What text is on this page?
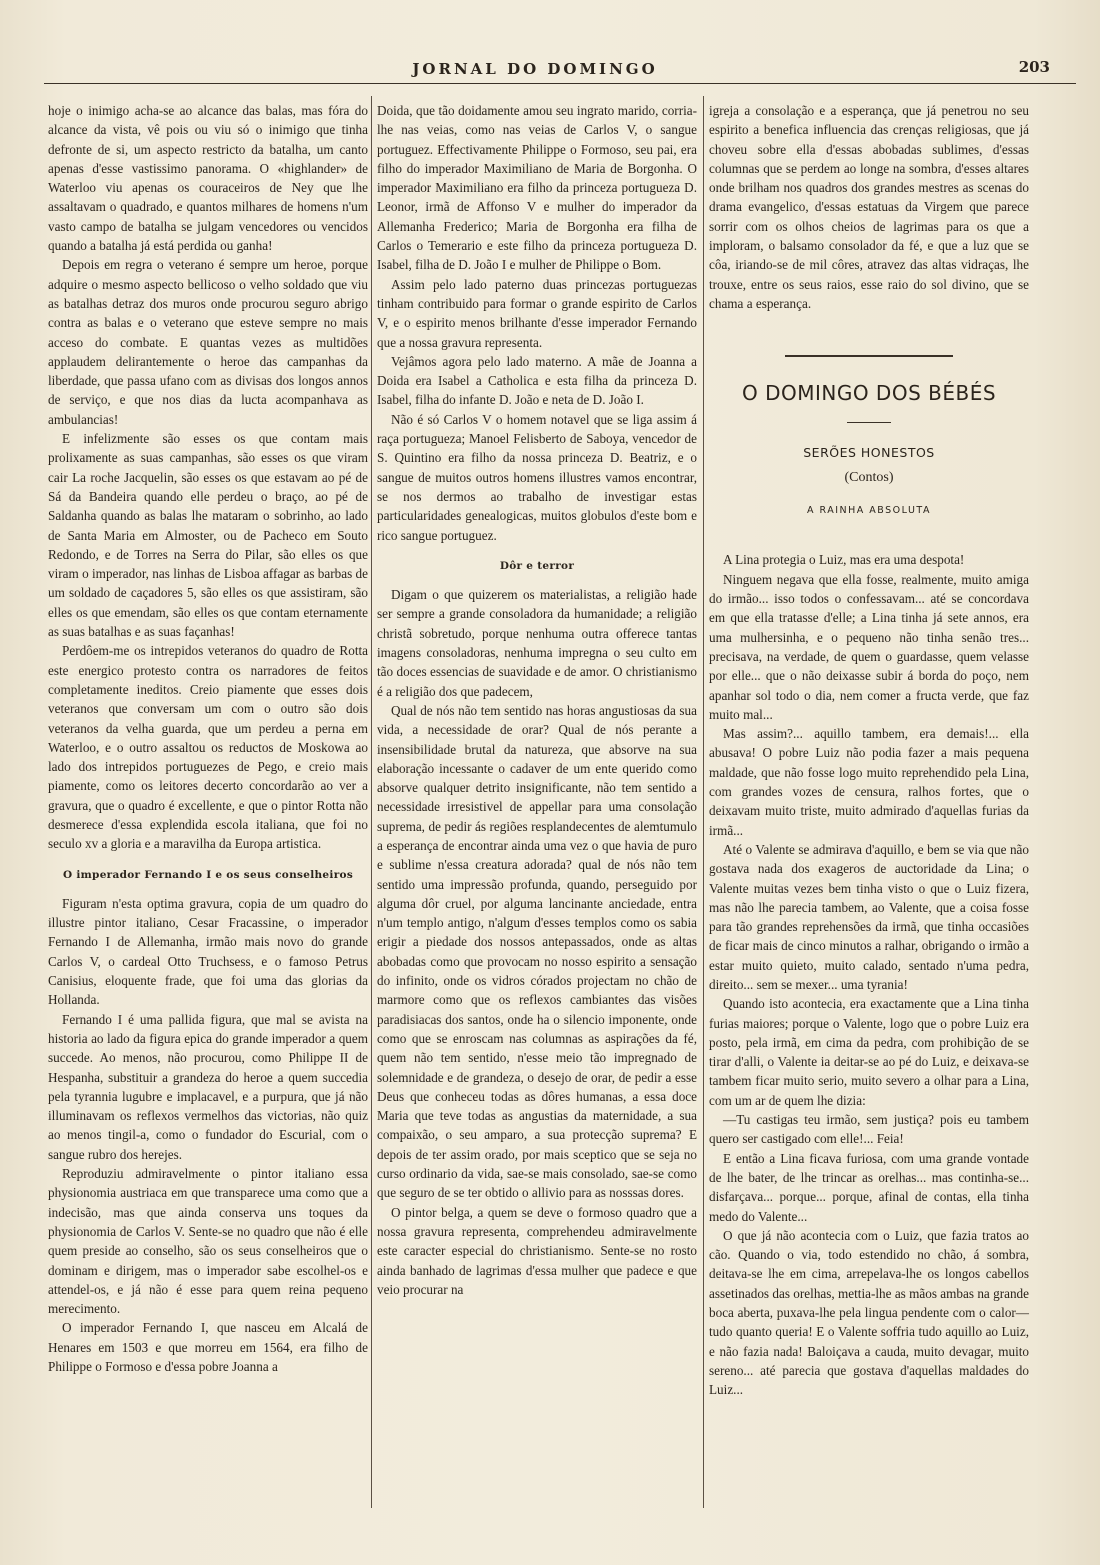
JORNAL DO DOMINGO	203

hoje o inimigo acha-se ao alcance das balas, mas fóra do alcance da vista, vê pois ou viu só o inimigo que tinha defronte de si, um aspecto restricto da batalha, um canto apenas d'esse vastissimo panorama. O «highlander» de Waterloo viu apenas os couraceiros de Ney que lhe assaltavam o quadrado, e quantos milhares de homens n'um vasto campo de batalha se julgam vencedores ou vencidos quando a batalha já está perdida ou ganha!

Depois em regra o veterano é sempre um heroe, porque adquire o mesmo aspecto bellicoso o velho soldado que viu as batalhas detraz dos muros onde procurou seguro abrigo contra as balas e o veterano que esteve sempre no mais acceso do combate. E quantas vezes as multidões applaudem delirantemente o heroe das campanhas da liberdade, que passa ufano com as divisas dos longos annos de serviço, e que nos dias da lucta acompanhava as ambulancias!

E infelizmente são esses os que contam mais prolixamente as suas campanhas, são esses os que viram cair La roche Jacquelin, são esses os que estavam ao pé de Sá da Bandeira quando elle perdeu o braço, ao pé de Saldanha quando as balas lhe mataram o sobrinho, ao lado de Santa Maria em Almoster, ou de Pacheco em Souto Redondo, e de Torres na Serra do Pilar, são elles os que viram o imperador, nas linhas de Lisboa affagar as barbas de um soldado de caçadores 5, são elles os que assistiram, são elles os que emendam, são elles os que contam eternamente as suas batalhas e as suas façanhas!

Perdôem-me os intrepidos veteranos do quadro de Rotta este energico protesto contra os narradores de feitos completamente ineditos. Creio piamente que esses dois veteranos que conversam um com o outro são dois veteranos da velha guarda, que um perdeu a perna em Waterloo, e o outro assaltou os reductos de Moskowa ao lado dos intrepidos portuguezes de Pego, e creio mais piamente, como os leitores decerto concordarão ao ver a gravura, que o quadro é excellente, e que o pintor Rotta não desmerece d'essa explendida escola italiana, que foi no seculo xv a gloria e a maravilha da Europa artistica.

O imperador Fernando I e os seus conselheiros

Figuram n'esta optima gravura, copia de um quadro do illustre pintor italiano, Cesar Fracassine, o imperador Fernando I de Allemanha, irmão mais novo do grande Carlos V, o cardeal Otto Truchsess, e o famoso Petrus Canisius, eloquente frade, que foi uma das glorias da Hollanda.

Fernando I é uma pallida figura, que mal se avista na historia ao lado da figura epica do grande imperador a quem succede. Ao menos, não procurou, como Philippe II de Hespanha, substituir a grandeza do heroe a quem succedia pela tyrannia lugubre e implacavel, e a purpura, que já não illuminavam os reflexos vermelhos das victorias, não quiz ao menos tingil-a, como o fundador do Escurial, com o sangue rubro dos herejes.

Reproduziu admiravelmente o pintor italiano essa physionomia austriaca em que transparece uma como que a indecisão, mas que ainda conserva uns toques da physionomia de Carlos V. Sente-se no quadro que não é elle quem preside ao conselho, são os seus conselheiros que o dominam e dirigem, mas o imperador sabe escolhel-os e attendel-os, e já não é esse para quem reina pequeno merecimento.

O imperador Fernando I, que nasceu em Alcalá de Henares em 1503 e que morreu em 1564, era filho de Philippe o Formoso e d'essa pobre Joanna a

Doida, que tão doidamente amou seu ingrato marido, corria-lhe nas veias, como nas veias de Carlos V, o sangue portuguez. Effectivamente Philippe o Formoso, seu pai, era filho do imperador Maximiliano de Maria de Borgonha. O imperador Maximiliano era filho da princeza portugueza D. Leonor, irmã de Affonso V e mulher do imperador da Allemanha Frederico; Maria de Borgonha era filha de Carlos o Temerario e este filho da princeza portugueza D. Isabel, filha de D. João I e mulher de Philippe o Bom.

Assim pelo lado paterno duas princezas portuguezas tinham contribuido para formar o grande espirito de Carlos V, e o espirito menos brilhante d'esse imperador Fernando que a nossa gravura representa.

Vejâmos agora pelo lado materno. A mãe de Joanna a Doida era Isabel a Catholica e esta filha da princeza D. Isabel, filha do infante D. João e neta de D. João I.

Não é só Carlos V o homem notavel que se liga assim á raça portugueza; Manoel Felisberto de Saboya, vencedor de S. Quintino era filho da nossa princeza D. Beatriz, e o sangue de muitos outros homens illustres vamos encontrar, se nos dermos ao trabalho de investigar estas particularidades genealogicas, muitos globulos d'este bom e rico sangue portuguez.

Dôr e terror

Digam o que quizerem os materialistas, a religião hade ser sempre a grande consoladora da humanidade; a religião christã sobretudo, porque nenhuma outra offerece tantas imagens consoladoras, nenhuma impregna o seu culto em tão doces essencias de suavidade e de amor. O christianismo é a religião dos que padecem,

Qual de nós não tem sentido nas horas angustiosas da sua vida, a necessidade de orar? Qual de nós perante a insensibilidade brutal da natureza, que absorve na sua elaboração incessante o cadaver de um ente querido como absorve qualquer detrito insignificante, não tem sentido a necessidade irresistivel de appellar para uma consolação suprema, de pedir ás regiões resplandecentes de alemtumulo a esperança de encontrar ainda uma vez o que havia de puro e sublime n'essa creatura adorada? qual de nós não tem sentido uma impressão profunda, quando, perseguido por alguma dôr cruel, por alguma lancinante anciedade, entra n'um templo antigo, n'algum d'esses templos como os sabia erigir a piedade dos nossos antepassados, onde as altas abobadas como que provocam no nosso espirito a sensação do infinito, onde os vidros córados projectam no chão de marmore como que os reflexos cambiantes das visões paradisiacas dos santos, onde ha o silencio imponente, onde como que se enroscam nas columnas as aspirações da fé, quem não tem sentido, n'esse meio tão impregnado de solemnidade e de grandeza, o desejo de orar, de pedir a esse Deus que conheceu todas as dôres humanas, a essa doce Maria que teve todas as angustias da maternidade, a sua compaixão, o seu amparo, a sua protecção suprema? E depois de ter assim orado, por mais sceptico que se seja no curso ordinario da vida, sae-se mais consolado, sae-se como que seguro de se ter obtido o allivio para as nosssas dores.

O pintor belga, a quem se deve o formoso quadro que a nossa gravura representa, comprehendeu admiravelmente este caracter especial do christianismo. Sente-se no rosto ainda banhado de lagrimas d'essa mulher que padece e que veio procurar na

igreja a consolação e a esperança, que já penetrou no seu espirito a benefica influencia das crenças religiosas, que já choveu sobre ella d'essas abobadas sublimes, d'essas columnas que se perdem ao longe na sombra, d'esses altares onde brilham nos quadros dos grandes mestres as scenas do drama evangelico, d'essas estatuas da Virgem que parece sorrir com os olhos cheios de lagrimas para os que a imploram, o balsamo consolador da fé, e que a luz que se côa, iriando-se de mil côres, atravez das altas vidraças, lhe trouxe, entre os seus raios, esse raio do sol divino, que se chama a esperança.

O DOMINGO DOS BÉBÉS
SERÕES HONESTOS
(Contos)
A RAINHA ABSOLUTA

A Lina protegia o Luiz, mas era uma despota!

Ninguem negava que ella fosse, realmente, muito amiga do irmão... isso todos o confessavam... até se concordava em que ella tratasse d'elle; a Lina tinha já sete annos, era uma mulhersinha, e o pequeno não tinha senão tres... precisava, na verdade, de quem o guardasse, quem velasse por elle... que o não deixasse subir á borda do poço, nem apanhar sol todo o dia, nem comer a fructa verde, que faz muito mal...

Mas assim?... aquillo tambem, era demais!... ella abusava! O pobre Luiz não podia fazer a mais pequena maldade, que não fosse logo muito reprehendido pela Lina, com grandes vozes de censura, ralhos fortes, que o deixavam muito triste, muito admirado d'aquellas furias da irmã...

Até o Valente se admirava d'aquillo, e bem se via que não gostava nada dos exageros de auctoridade da Lina; o Valente muitas vezes bem tinha visto o que o Luiz fizera, mas não lhe parecia tambem, ao Valente, que a coisa fosse para tão grandes reprehensões da irmã, que tinha occasiões de ficar mais de cinco minutos a ralhar, obrigando o irmão a estar muito quieto, muito calado, sentado n'uma pedra, direito... sem se mexer... uma tyrania!

Quando isto acontecia, era exactamente que a Lina tinha furias maiores; porque o Valente, logo que o pobre Luiz era posto, pela irmã, em cima da pedra, com prohibição de se tirar d'alli, o Valente ia deitar-se ao pé do Luiz, e deixava-se tambem ficar muito serio, muito severo a olhar para a Lina, com um ar de quem lhe dizia:

—Tu castigas teu irmão, sem justiça? pois eu tambem quero ser castigado com elle!... Feia!

E então a Lina ficava furiosa, com uma grande vontade de lhe bater, de lhe trincar as orelhas... mas continha-se... disfarçava... porque... porque, afinal de contas, ella tinha medo do Valente...

O que já não acontecia com o Luiz, que fazia tratos ao cão. Quando o via, todo estendido no chão, á sombra, deitava-se lhe em cima, arrepelava-lhe os longos cabellos assetinados das orelhas, mettia-lhe as mãos ambas na grande boca aberta, puxava-lhe pela lingua pendente com o calor—tudo quanto queria! E o Valente soffria tudo aquillo ao Luiz, e não fazia nada! Baloiçava a cauda, muito devagar, muito sereno... até parecia que gostava d'aquellas maldades do Luiz...
